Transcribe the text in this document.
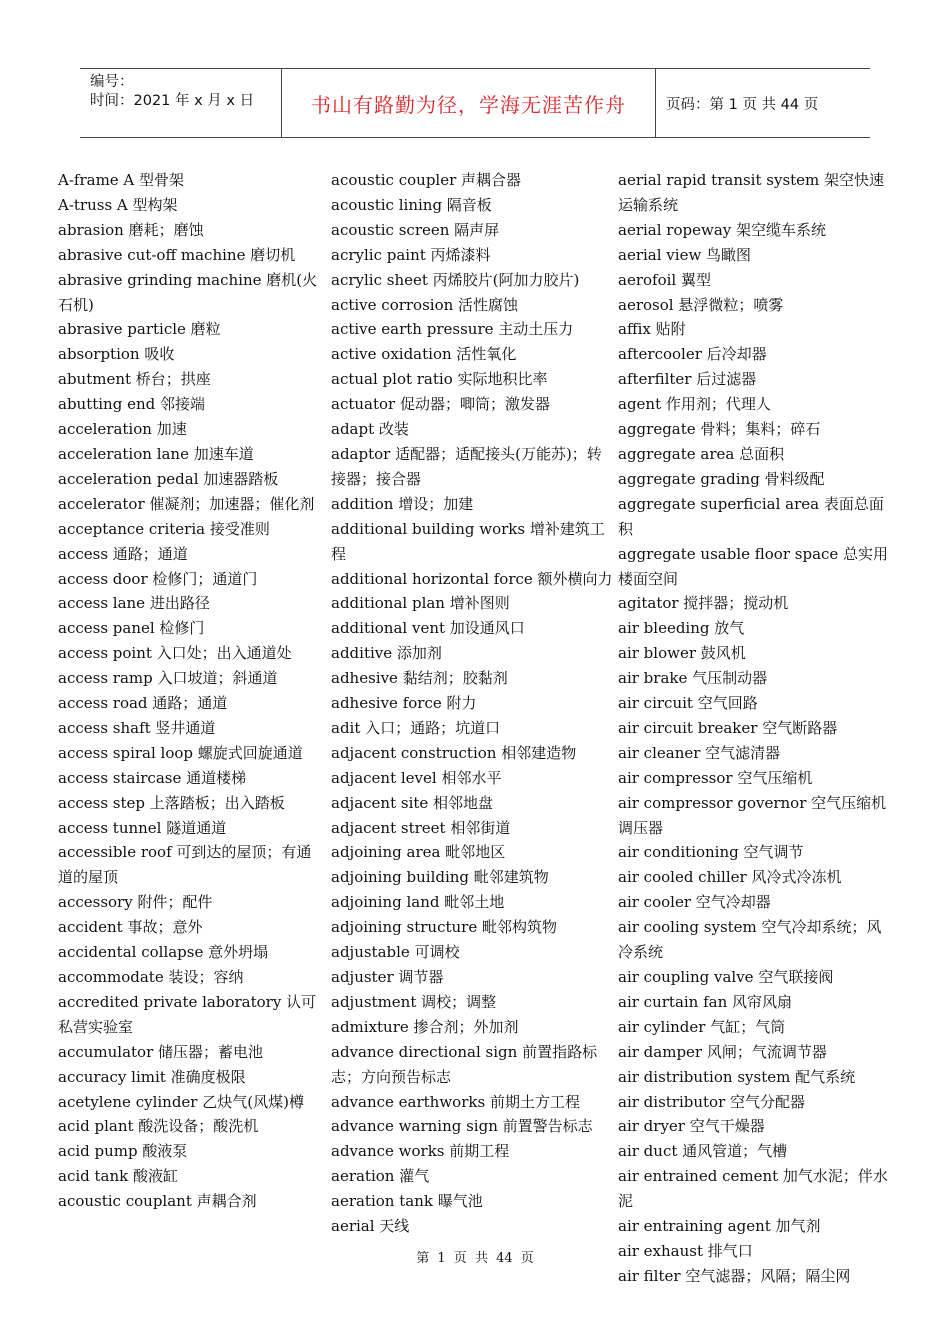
编号：
时间：2021 年 x 月 x 日	书山有路勤为径，学海无涯苦作舟	页码：第 1 页 共 44 页

A-frame A 型骨架

A-truss A 型构架

abrasion 磨耗；磨蚀

abrasive cut-off machine 磨切机

abrasive grinding machine 磨机(火石机)

abrasive particle 磨粒

absorption 吸收

abutment 桥台；拱座

abutting end 邻接端

acceleration 加速

acceleration lane 加速车道

acceleration pedal 加速器踏板

accelerator 催凝剂；加速器；催化剂

acceptance criteria 接受准则

access 通路；通道

access door 检修门；通道门

access lane 进出路径

access panel 检修门

access point 入口处；出入通道处

access ramp 入口坡道；斜通道

access road 通路；通道

access shaft 竖井通道

access spiral loop 螺旋式回旋通道

access staircase 通道楼梯

access step 上落踏板；出入踏板

access tunnel 隧道通道

accessible roof 可到达的屋顶；有通道的屋顶

accessory 附件；配件

accident 事故；意外

accidental collapse 意外坍塌

accommodate 装设；容纳

accredited private laboratory 认可私营实验室

accumulator 储压器；蓄电池

accuracy limit 准确度极限

acetylene cylinder 乙炔气(风煤)樽

acid plant 酸洗设备；酸洗机

acid pump 酸液泵

acid tank 酸液缸

acoustic couplant 声耦合剂

acoustic coupler 声耦合器

acoustic lining 隔音板

acoustic screen 隔声屏

acrylic paint 丙烯漆料

acrylic sheet 丙烯胶片(阿加力胶片)

active corrosion 活性腐蚀

active earth pressure 主动土压力

active oxidation 活性氧化

actual plot ratio 实际地积比率

actuator 促动器；唧筒；激发器

adapt 改装

adaptor 适配器；适配接头(万能苏)；转接器；接合器

addition 增设；加建

additional building works 增补建筑工程

additional horizontal force 额外横向力

additional plan 增补图则

additional vent 加设通风口

additive 添加剂

adhesive 黏结剂；胶黏剂

adhesive force 附力

adit 入口；通路；坑道口

adjacent construction 相邻建造物

adjacent level 相邻水平

adjacent site 相邻地盘

adjacent street 相邻街道

adjoining area 毗邻地区

adjoining building 毗邻建筑物

adjoining land 毗邻土地

adjoining structure 毗邻构筑物

adjustable 可调校

adjuster 调节器

adjustment 调校；调整

admixture 掺合剂；外加剂

advance directional sign 前置指路标志；方向预告标志

advance earthworks 前期土方工程

advance warning sign 前置警告标志

advance works 前期工程

aeration 灌气

aeration tank 曝气池

aerial 天线

aerial rapid transit system 架空快速运输系统

aerial ropeway 架空缆车系统

aerial view 鸟瞰图

aerofoil 翼型

aerosol 悬浮微粒；喷雾

affix 贴附

aftercooler 后冷却器

afterfilter 后过滤器

agent 作用剂；代理人

aggregate 骨料；集料；碎石

aggregate area 总面积

aggregate grading 骨料级配

aggregate superficial area 表面总面积

aggregate usable floor space 总实用楼面空间

agitator 搅拌器；搅动机

air bleeding 放气

air blower 鼓风机

air brake 气压制动器

air circuit 空气回路

air circuit breaker 空气断路器

air cleaner 空气滤清器

air compressor 空气压缩机

air compressor governor 空气压缩机调压器

air conditioning 空气调节

air cooled chiller 风冷式冷冻机

air cooler 空气冷却器

air cooling system 空气冷却系统；风冷系统

air coupling valve 空气联接阀

air curtain fan 风帘风扇

air cylinder 气缸；气筒

air damper 风闸；气流调节器

air distribution system 配气系统

air distributor 空气分配器

air dryer 空气干燥器

air duct 通风管道；气槽

air entrained cement 加气水泥；伴水泥

air entraining agent 加气剂

air exhaust 排气口

air filter 空气滤器；风隔；隔尘网

第 1 页 共 44 页
